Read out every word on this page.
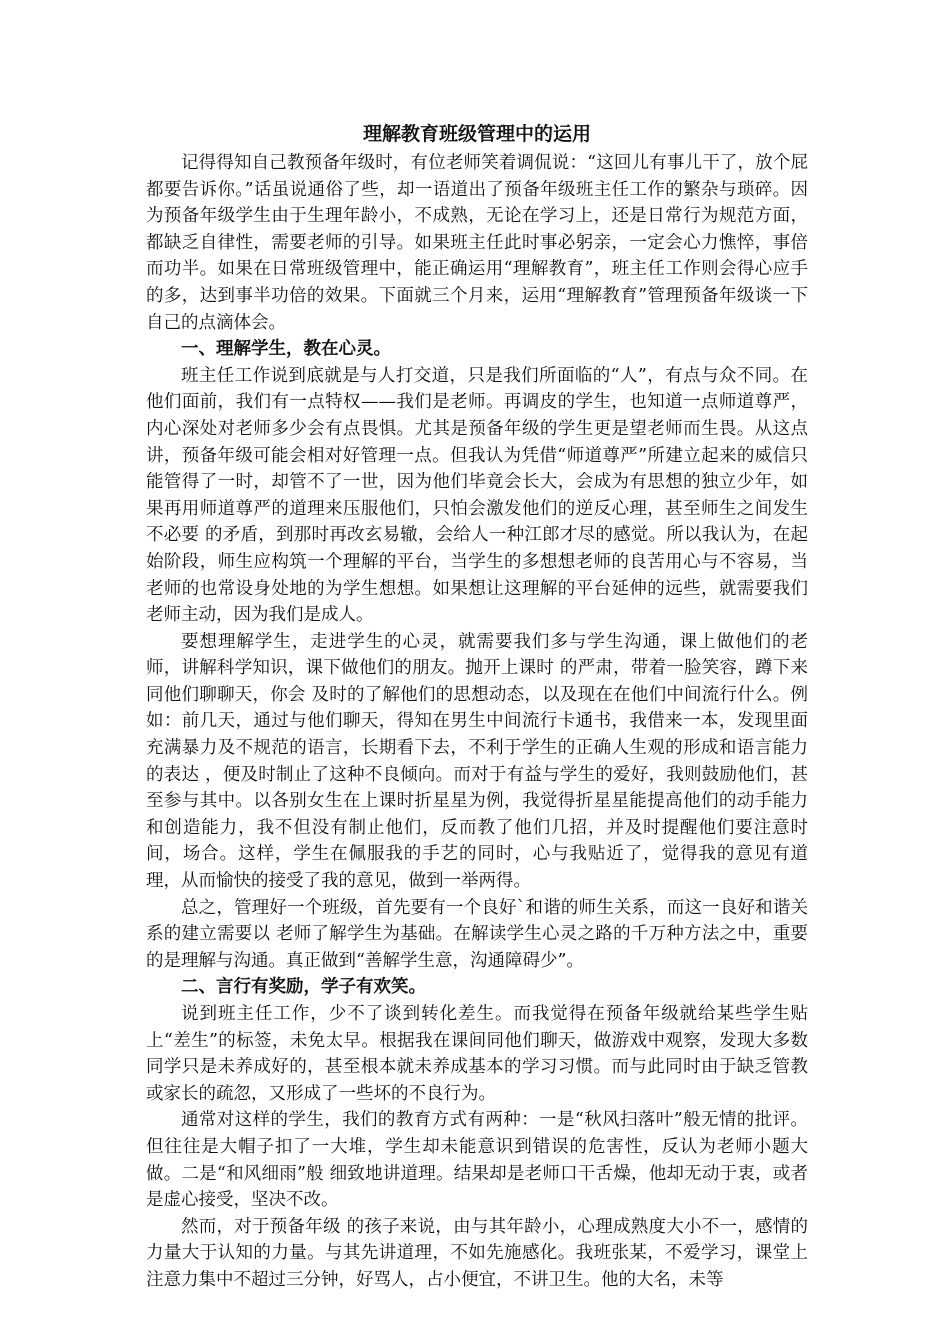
理解教育班级管理中的运用

记得得知自己教预备年级时，有位老师笑着调侃说：“这回儿有事儿干了，放个屁都要告诉你。”话虽说通俗了些，却一语道出了预备年级班主任工作的繁杂与琐碎。因为预备年级学生由于生理年龄小，不成熟，无论在学习上，还是日常行为规范方面，都缺乏自律性，需要老师的引导。如果班主任此时事必躬亲，一定会心力憔悴，事倍而功半。如果在日常班级管理中，能正确运用“理解教育”，班主任工作则会得心应手的多，达到事半功倍的效果。下面就三个月来，运用“理解教育”管理预备年级谈一下自己的点滴体会。

一、理解学生，教在心灵。

班主任工作说到底就是与人打交道，只是我们所面临的“人”，有点与众不同。在他们面前，我们有一点特权——我们是老师。再调皮的学生，也知道一点师道尊严，内心深处对老师多少会有点畏惧。尤其是预备年级的学生更是望老师而生畏。从这点讲，预备年级可能会相对好管理一点。但我认为凭借“师道尊严”所建立起来的威信只能管得了一时，却管不了一世，因为他们毕竟会长大，会成为有思想的独立少年，如果再用师道尊严的道理来压服他们，只怕会激发他们的逆反心理，甚至师生之间发生不必要 的矛盾，到那时再改玄易辙，会给人一种江郎才尽的感觉。所以我认为，在起始阶段，师生应构筑一个理解的平台，当学生的多想想老师的良苦用心与不容易，当老师的也常设身处地的为学生想想。如果想让这理解的平台延伸的远些，就需要我们老师主动，因为我们是成人。

要想理解学生，走进学生的心灵，就需要我们多与学生沟通，课上做他们的老师，讲解科学知识，课下做他们的朋友。抛开上课时 的严肃，带着一脸笑容，蹲下来同他们聊聊天，你会 及时的了解他们的思想动态，以及现在在他们中间流行什么。例如：前几天，通过与他们聊天，得知在男生中间流行卡通书，我借来一本，发现里面充满暴力及不规范的语言，长期看下去，不利于学生的正确人生观的形成和语言能力的表达 ，便及时制止了这种不良倾向。而对于有益与学生的爱好，我则鼓励他们，甚至参与其中。以各别女生在上课时折星星为例，我觉得折星星能提高他们的动手能力和创造能力，我不但没有制止他们，反而教了他们几招，并及时提醒他们要注意时间，场合。这样，学生在佩服我的手艺的同时，心与我贴近了，觉得我的意见有道理，从而愉快的接受了我的意见，做到一举两得。

总之，管理好一个班级，首先要有一个良好`和谐的师生关系，而这一良好和谐关系的建立需要以 老师了解学生为基础。在解读学生心灵之路的千万种方法之中，重要的是理解与沟通。真正做到“善解学生意，沟通障碍少”。

二、言行有奖励，学子有欢笑。

说到班主任工作，少不了谈到转化差生。而我觉得在预备年级就给某些学生贴上“差生”的标签，未免太早。根据我在课间同他们聊天，做游戏中观察，发现大多数同学只是未养成好的，甚至根本就未养成基本的学习习惯。而与此同时由于缺乏管教或家长的疏忽，又形成了一些坏的不良行为。

通常对这样的学生，我们的教育方式有两种：一是“秋风扫落叶”般无情的批评。但往往是大帽子扣了一大堆，学生却未能意识到错误的危害性，反认为老师小题大做。二是“和风细雨”般 细致地讲道理。结果却是老师口干舌燥，他却无动于衷，或者是虚心接受，坚决不改。

然而，对于预备年级 的孩子来说，由与其年龄小，心理成熟度大小不一，感情的力量大于认知的力量。与其先讲道理，不如先施感化。我班张某，不爱学习，课堂上注意力集中不超过三分钟，好骂人，占小便宜，不讲卫生。他的大名，未等
